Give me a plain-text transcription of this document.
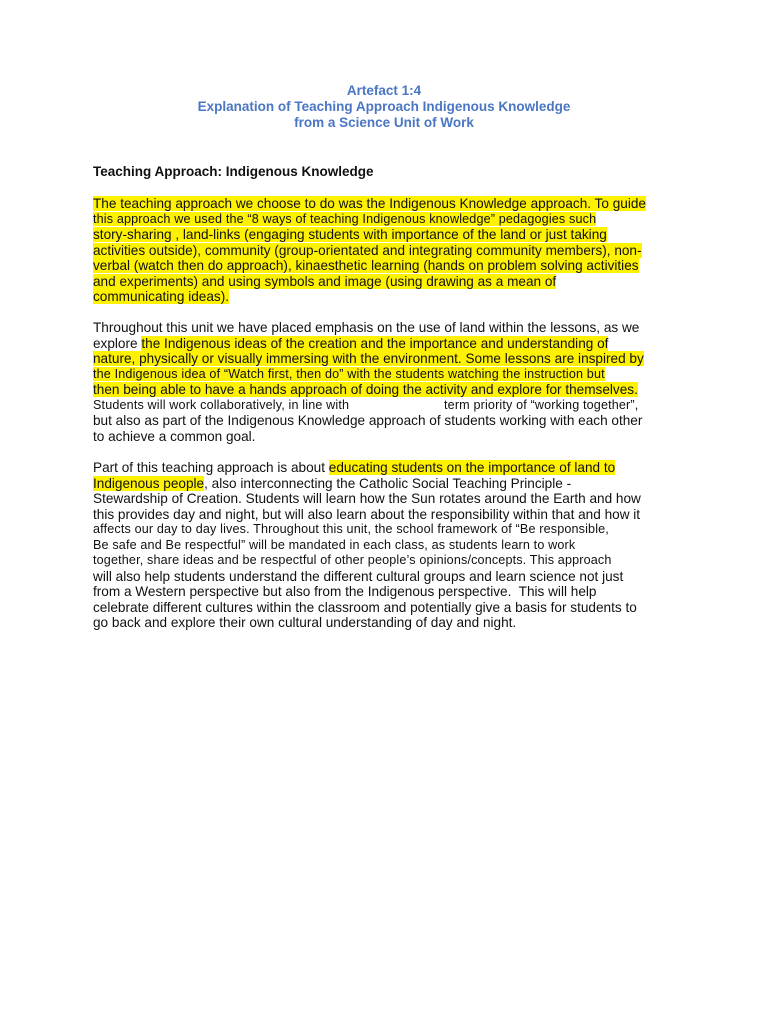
Artefact 1:4
Explanation of Teaching Approach Indigenous Knowledge
from a Science Unit of Work
Teaching Approach: Indigenous Knowledge
The teaching approach we choose to do was the Indigenous Knowledge approach. To guide
this approach we used the “8 ways of teaching Indigenous knowledge” pedagogies such
story-sharing , land-links (engaging students with importance of the land or just taking
activities outside), community (group-orientated and integrating community members), non-
verbal (watch then do approach), kinaesthetic learning (hands on problem solving activities
and experiments) and using symbols and image (using drawing as a mean of
communicating ideas).
Throughout this unit we have placed emphasis on the use of land within the lessons, as we
explore the Indigenous ideas of the creation and the importance and understanding of
nature, physically or visually immersing with the environment. Some lessons are inspired by
the Indigenous idea of “Watch first, then do” with the students watching the instruction but
then being able to have a hands approach of doing the activity and explore for themselves.
Students will work collaboratively, in line with	term priority of “working together”,
but also as part of the Indigenous Knowledge approach of students working with each other
to achieve a common goal.
Part of this teaching approach is about educating students on the importance of land to
Indigenous people, also interconnecting the Catholic Social Teaching Principle -
Stewardship of Creation. Students will learn how the Sun rotates around the Earth and how
this provides day and night, but will also learn about the responsibility within that and how it
affects our day to day lives. Throughout this unit, the school framework of “Be responsible,
Be safe and Be respectful” will be mandated in each class, as students learn to work
together, share ideas and be respectful of other people’s opinions/concepts. This approach
will also help students understand the different cultural groups and learn science not just
from a Western perspective but also from the Indigenous perspective.  This will help
celebrate different cultures within the classroom and potentially give a basis for students to
go back and explore their own cultural understanding of day and night.
